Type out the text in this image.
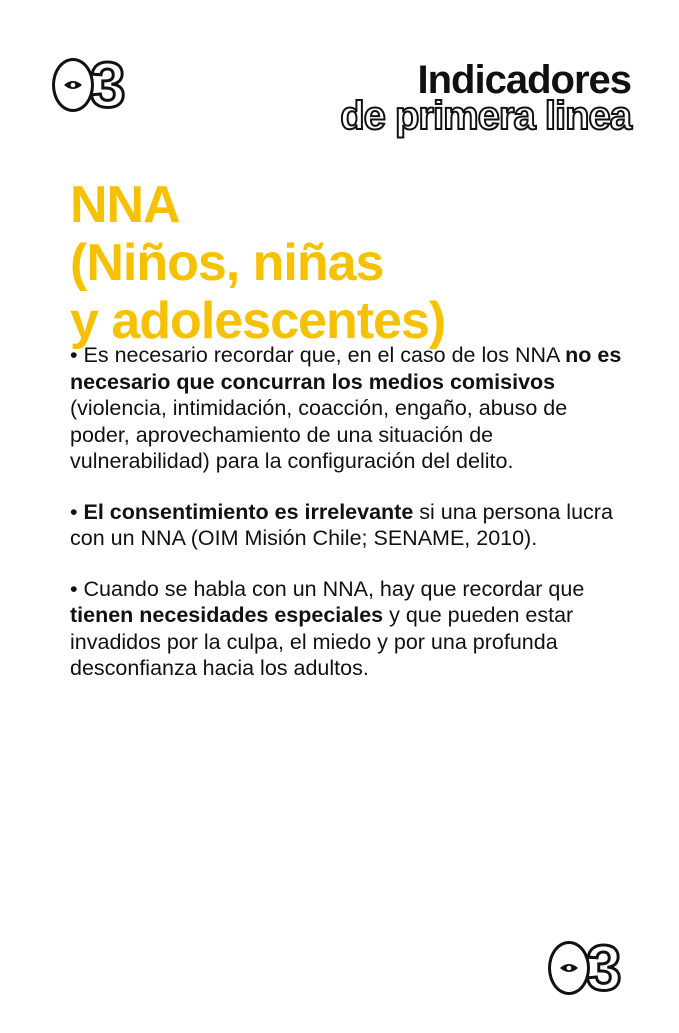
3	Indicadores
de primera linea
NNA
(Niños, niñas
y adolescentes)

• Es necesario recordar que, en el caso de los NNA no es necesario que concurran los medios comisivos (violencia, intimidación, coacción, engaño, abuso de poder, aprovechamiento de una situación de vulnerabilidad) para la configuración del delito.

• El consentimiento es irrelevante si una persona lucra con un NNA (OIM Misión Chile; SENAME, 2010).

• Cuando se habla con un NNA, hay que recordar que tienen necesidades especiales y que pueden estar invadidos por la culpa, el miedo y por una profunda desconfianza hacia los adultos.

3
